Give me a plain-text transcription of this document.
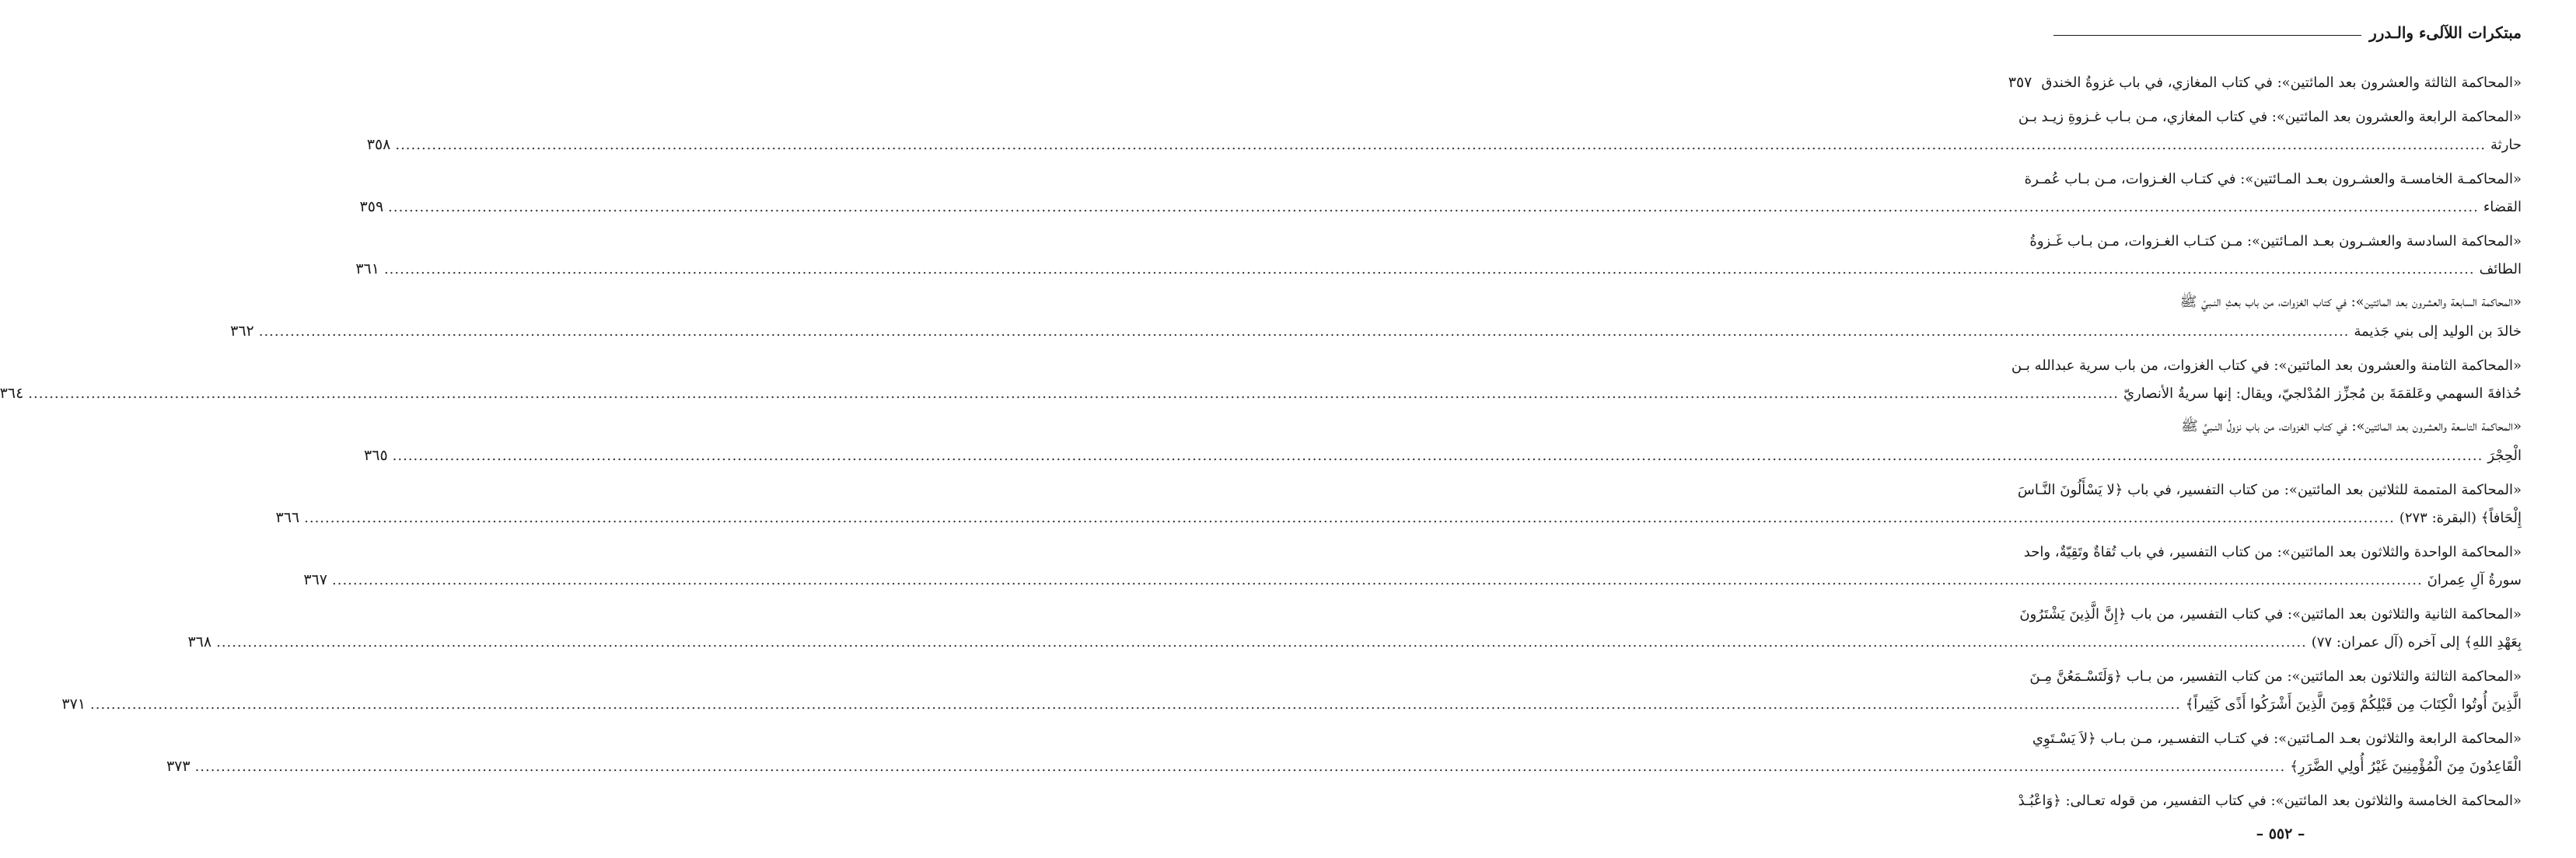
مبتكرات اللآلىء والـدرر
«المحاكمة الثالثة والعشرون بعد المائتين»: في كتاب المغازي، في باب غزوةُ الخندق
٣٥٧
«المحاكمة الرابعة والعشرون بعد المائتين»: في كتاب المغازي، مـن بـاب غـزوةِ زيـد بـن
حارثة
................................................................................................................................................................................................................................................................................................................................................................................................................
٣٥٨
«المحاكمـة الخامسـة والعشـرون بعـد المـائتين»: في كتـاب الغـزوات، مـن بـاب عُمـرة
القضاء
................................................................................................................................................................................................................................................................................................................................................................................................................
٣٥٩
«المحاكمة السادسة والعشـرون بعـد المـائتين»: مـن كتـاب الغـزوات، مـن بـاب غَـزوةُ
الطائف
................................................................................................................................................................................................................................................................................................................................................................................................................
٣٦١
«المحاكمة السابعة والعشرون بعد المائتين»: في كتاب الغزوات، من باب بعثِ النـبيّ ﷺ
خالدَ بن الوليد إلى بني جَذيمة
................................................................................................................................................................................................................................................................................................................................................................................................................
٣٦٢
«المحاكمة الثامنة والعشرون بعد المائتين»: في كتاب الغزوات، من باب سرية عبدالله بـن
حُذافةَ السهمي وعَلقمَةَ بن مُجزِّز المُدْلجيّ، ويقال: إنها سريةُ الأنصاريّ
................................................................................................................................................................................................................................................................................................................................................................................................................
٣٦٤
«المحاكمة التاسعة والعشرون بعد المائتين»: في كتاب الغزوات، من باب نزولُ النـبيِّ ﷺ
الْحِجْرَ
................................................................................................................................................................................................................................................................................................................................................................................................................
٣٦٥
«المحاكمة المتممة للثلاثين بعد المائتين»: من كتاب التفسير، في باب ﴿لا يَسْأَلُونَ النَّـاسَ
إِلْحَافاً﴾ (البقرة: ٢٧٣)
................................................................................................................................................................................................................................................................................................................................................................................................................
٣٦٦
«المحاكمة الواحدة والثلاثون بعد المائتين»: من كتاب التفسير، في باب تُقاةٌ وتَقِيّةٌ، واحد
سورةُ آلِ عِمرانَ
................................................................................................................................................................................................................................................................................................................................................................................................................
٣٦٧
«المحاكمة الثانية والثلاثون بعد المائتين»: في كتاب التفسير، من باب ﴿إِنَّ الَّذِينَ يَشْتَرُونَ
بِعَهْدِ اللهِ﴾ إلى آخره (آل عمران: ٧٧)
................................................................................................................................................................................................................................................................................................................................................................................................................
٣٦٨
«المحاكمة الثالثة والثلاثون بعد المائتين»: من كتاب التفسير، من بـاب ﴿وَلَتَسْـمَعُنَّ مِـنَ
الَّذِينَ أُوتُوا الْكِتَابَ مِن قَبْلِكُمْ وَمِنَ الَّذِينَ أَشْرَكُوا أَذًى كَثِيراً﴾
................................................................................................................................................................................................................................................................................................................................................................................................................
٣٧١
«المحاكمة الرابعة والثلاثون بعـد المـائتين»: في كتـاب التفسـير، مـن بـاب ﴿لاَ يَسْـتَوِي
الْقَاعِدُونَ مِنَ الْمُؤْمِنِينَ غَيْرُ أُولِي الضَّرَرِ﴾
................................................................................................................................................................................................................................................................................................................................................................................................................
٣٧٣
«المحاكمة الخامسة والثلاثون بعد المائتين»: في كتاب التفسير، من قوله تعـالى: ﴿وَاعْبُـدْ
– ٥٥٢ –
